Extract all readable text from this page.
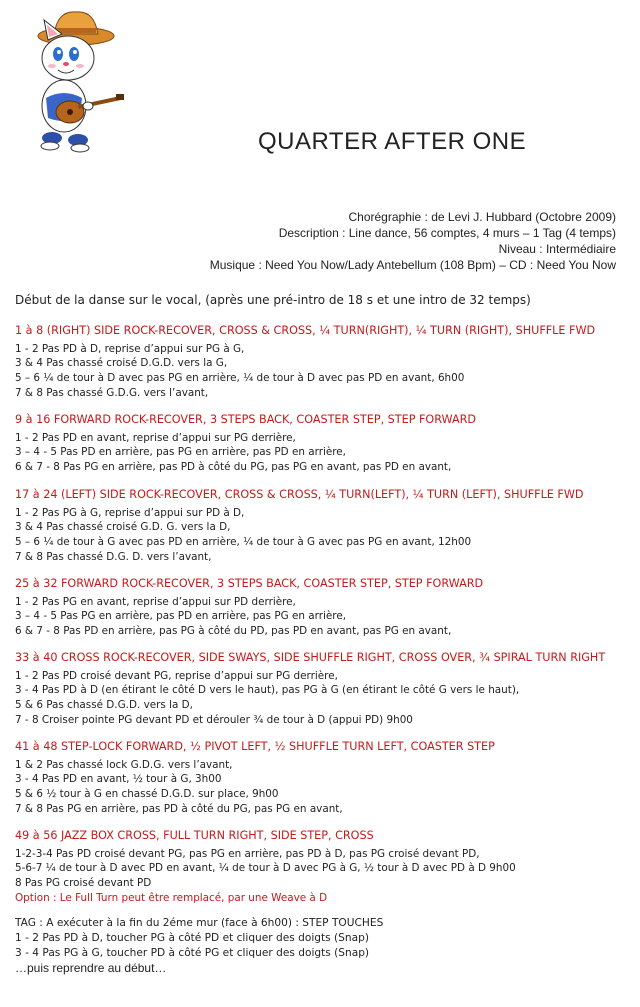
QUARTER AFTER ONE
Chorégraphie : de Levi J. Hubbard (Octobre 2009)
Description : Line dance, 56 comptes, 4 murs – 1 Tag (4 temps)
Niveau : Intermédiaire
Musique : Need You Now/Lady Antebellum (108 Bpm) – CD : Need You Now
Début de la danse sur le vocal, (après une pré-intro de 18 s et une intro de 32 temps)
1 à 8 (RIGHT) SIDE ROCK-RECOVER, CROSS & CROSS, ¼ TURN(RIGHT), ¼ TURN (RIGHT), SHUFFLE FWD
1 - 2 Pas PD à D, reprise d’appui sur PG à G,
3 & 4 Pas chassé croisé D.G.D. vers la G,
5 – 6 ¼ de tour à D avec pas PG en arrière, ¼ de tour à D avec pas PD en avant, 6h00
7 & 8 Pas chassé G.D.G. vers l’avant,
9 à 16 FORWARD ROCK-RECOVER, 3 STEPS BACK, COASTER STEP, STEP FORWARD
1 - 2 Pas PD en avant, reprise d’appui sur PG derrière,
3 – 4 - 5 Pas PD en arrière, pas PG en arrière, pas PD en arrière,
6 & 7 - 8 Pas PG en arrière, pas PD à côté du PG, pas PG en avant, pas PD en avant,
17 à 24 (LEFT) SIDE ROCK-RECOVER, CROSS & CROSS, ¼ TURN(LEFT), ¼ TURN (LEFT), SHUFFLE FWD
1 - 2 Pas PG à G, reprise d’appui sur PD à D,
3 & 4 Pas chassé croisé G.D. G. vers la D,
5 – 6 ¼ de tour à G avec pas PD en arrière, ¼ de tour à G avec pas PG en avant, 12h00
7 & 8 Pas chassé D.G. D. vers l’avant,
25 à 32 FORWARD ROCK-RECOVER, 3 STEPS BACK, COASTER STEP, STEP FORWARD
1 - 2 Pas PG en avant, reprise d’appui sur PD derrière,
3 – 4 - 5 Pas PG en arrière, pas PD en arrière, pas PG en arrière,
6 & 7 - 8 Pas PD en arrière, pas PG à côté du PD, pas PD en avant, pas PG en avant,
33 à 40 CROSS ROCK-RECOVER, SIDE SWAYS, SIDE SHUFFLE RIGHT, CROSS OVER, ¾ SPIRAL TURN RIGHT
1 - 2 Pas PD croisé devant PG, reprise d’appui sur PG derrière,
3 - 4 Pas PD à D (en étirant le côté D vers le haut), pas PG à G (en étirant le côté G vers le haut),
5 & 6 Pas chassé D.G.D. vers la D,
7 - 8 Croiser pointe PG devant PD et dérouler ¾ de tour à D (appui PD) 9h00
41 à 48 STEP-LOCK FORWARD, ½ PIVOT LEFT, ½ SHUFFLE TURN LEFT, COASTER STEP
1 & 2 Pas chassé lock G.D.G. vers l’avant,
3 - 4 Pas PD en avant, ½ tour à G, 3h00
5 & 6 ½ tour à G en chassé D.G.D. sur place, 9h00
7 & 8 Pas PG en arrière, pas PD à côté du PG, pas PG en avant,
49 à 56 JAZZ BOX CROSS, FULL TURN RIGHT, SIDE STEP, CROSS
1-2-3-4 Pas PD croisé devant PG, pas PG en arrière, pas PD à D, pas PG croisé devant PD,
5-6-7 ¼ de tour à D avec PD en avant, ¼ de tour à D avec PG à G, ½ tour à D avec PD à D 9h00
8 Pas PG croisé devant PD
Option : Le Full Turn peut être remplacé, par une Weave à D
TAG : A exécuter à la fin du 2éme mur (face à 6h00) : STEP TOUCHES
1 - 2 Pas PD à D, toucher PG à côté PD et cliquer des doigts (Snap)
3 - 4 Pas PG à G, toucher PD à côté PG et cliquer des doigts (Snap)
…puis reprendre au début…
